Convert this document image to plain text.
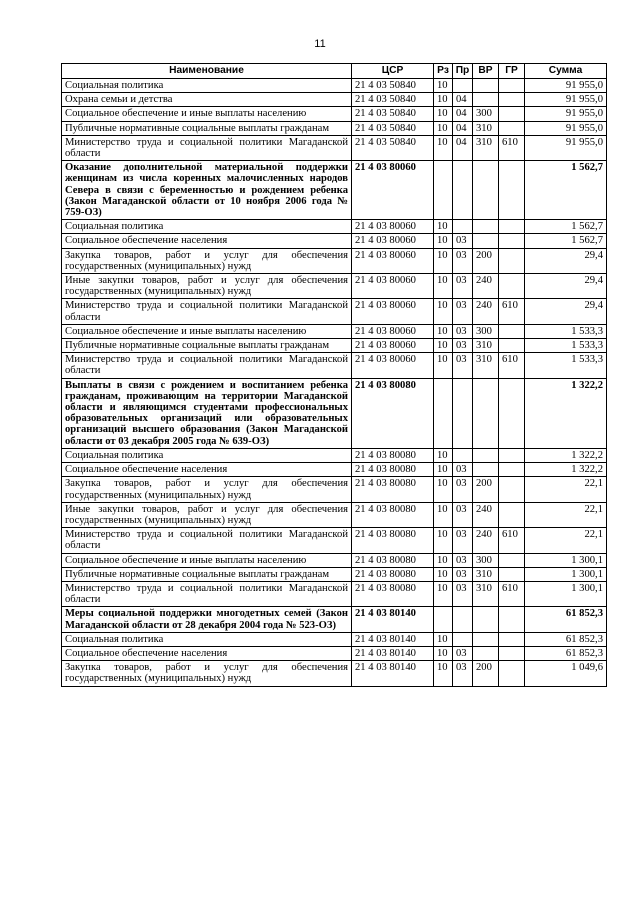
11
Наименование	ЦСР	Рз	Пр	ВР	ГР	Сумма
Социальная политика	21 4 03 50840	10				91 955,0
Охрана семьи и детства	21 4 03 50840	10	04			91 955,0
Социальное обеспечение и иные выплаты населению	21 4 03 50840	10	04	300		91 955,0
Публичные нормативные социальные выплаты гражданам	21 4 03 50840	10	04	310		91 955,0
Министерство труда и социальной политики Магаданской области	21 4 03 50840	10	04	310	610	91 955,0
Оказание дополнительной материальной поддержки женщинам из числа коренных малочисленных народов Севера в связи с беременностью и рождением ребенка (Закон Магаданской области от 10 ноября 2006 года № 759-ОЗ)	21 4 03 80060					1 562,7
Социальная политика	21 4 03 80060	10				1 562,7
Социальное обеспечение населения	21 4 03 80060	10	03			1 562,7
Закупка товаров, работ и услуг для обеспечения государственных (муниципальных) нужд	21 4 03 80060	10	03	200		29,4
Иные закупки товаров, работ и услуг для обеспечения государственных (муниципальных) нужд	21 4 03 80060	10	03	240		29,4
Министерство труда и социальной политики Магаданской области	21 4 03 80060	10	03	240	610	29,4
Социальное обеспечение и иные выплаты населению	21 4 03 80060	10	03	300		1 533,3
Публичные нормативные социальные выплаты гражданам	21 4 03 80060	10	03	310		1 533,3
Министерство труда и социальной политики Магаданской области	21 4 03 80060	10	03	310	610	1 533,3
Выплаты в связи с рождением и воспитанием ребенка гражданам, проживающим на территории Магаданской области и являющимся студентами профессиональных образовательных организаций или образовательных организаций высшего образования (Закон Магаданской области от 03 декабря 2005 года № 639-ОЗ)	21 4 03 80080					1 322,2
Социальная политика	21 4 03 80080	10				1 322,2
Социальное обеспечение населения	21 4 03 80080	10	03			1 322,2
Закупка товаров, работ и услуг для обеспечения государственных (муниципальных) нужд	21 4 03 80080	10	03	200		22,1
Иные закупки товаров, работ и услуг для обеспечения государственных (муниципальных) нужд	21 4 03 80080	10	03	240		22,1
Министерство труда и социальной политики Магаданской области	21 4 03 80080	10	03	240	610	22,1
Социальное обеспечение и иные выплаты населению	21 4 03 80080	10	03	300		1 300,1
Публичные нормативные социальные выплаты гражданам	21 4 03 80080	10	03	310		1 300,1
Министерство труда и социальной политики Магаданской области	21 4 03 80080	10	03	310	610	1 300,1
Меры социальной поддержки многодетных семей (Закон Магаданской области от 28 декабря 2004 года № 523-ОЗ)	21 4 03 80140					61 852,3
Социальная политика	21 4 03 80140	10				61 852,3
Социальное обеспечение населения	21 4 03 80140	10	03			61 852,3
Закупка товаров, работ и услуг для обеспечения государственных (муниципальных) нужд	21 4 03 80140	10	03	200		1 049,6
